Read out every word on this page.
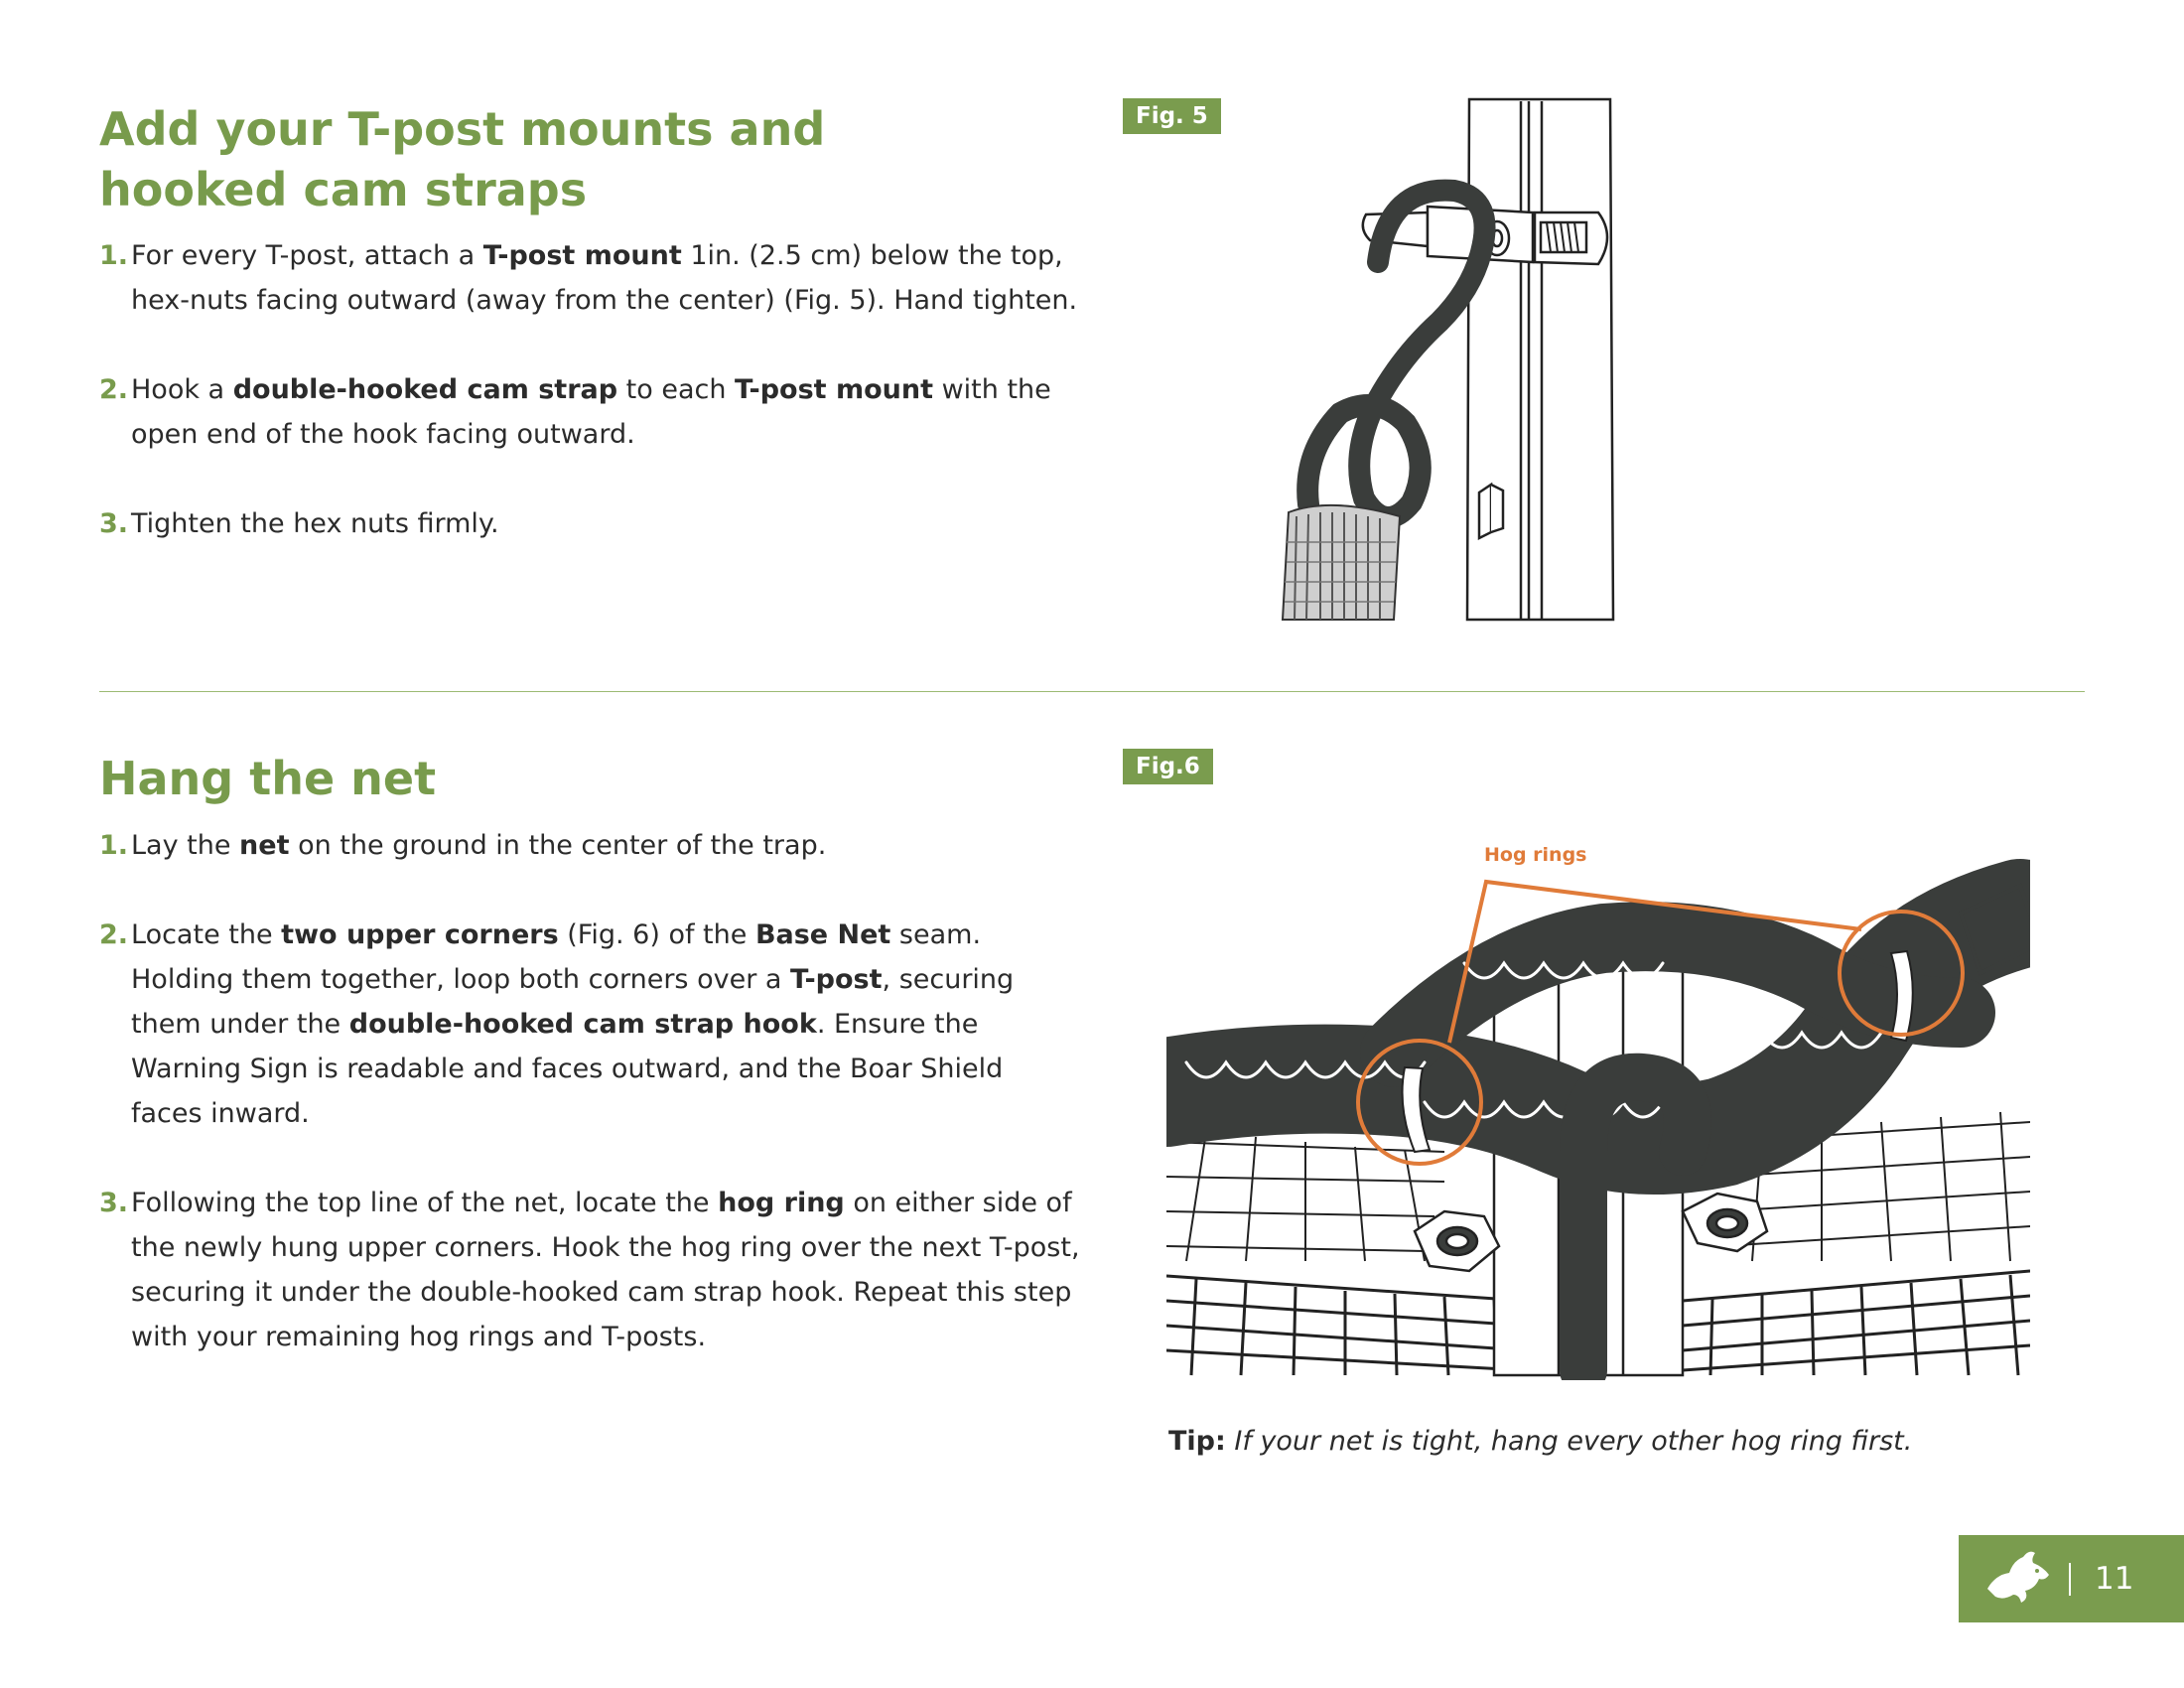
Add your T-post mounts and hooked cam straps
1. For every T-post, attach a T-post mount 1in. (2.5 cm) below the top, hex-nuts facing outward (away from the center) (Fig. 5). Hand tighten.
2. Hook a double-hooked cam strap to each T-post mount with the open end of the hook facing outward.
3. Tighten the hex nuts firmly.
Fig. 5
Hang the net
1. Lay the net on the ground in the center of the trap.
2. Locate the two upper corners (Fig. 6) of the Base Net seam. Holding them together, loop both corners over a T-post, securing them under the double-hooked cam strap hook. Ensure the Warning Sign is readable and faces outward, and the Boar Shield faces inward.
3. Following the top line of the net, locate the hog ring on either side of the newly hung upper corners. Hook the hog ring over the next T-post, securing it under the double-hooked cam strap hook. Repeat this step with your remaining hog rings and T-posts.
Fig.6
Hog rings

Tip: If your net is tight, hang every other hog ring first.

11
